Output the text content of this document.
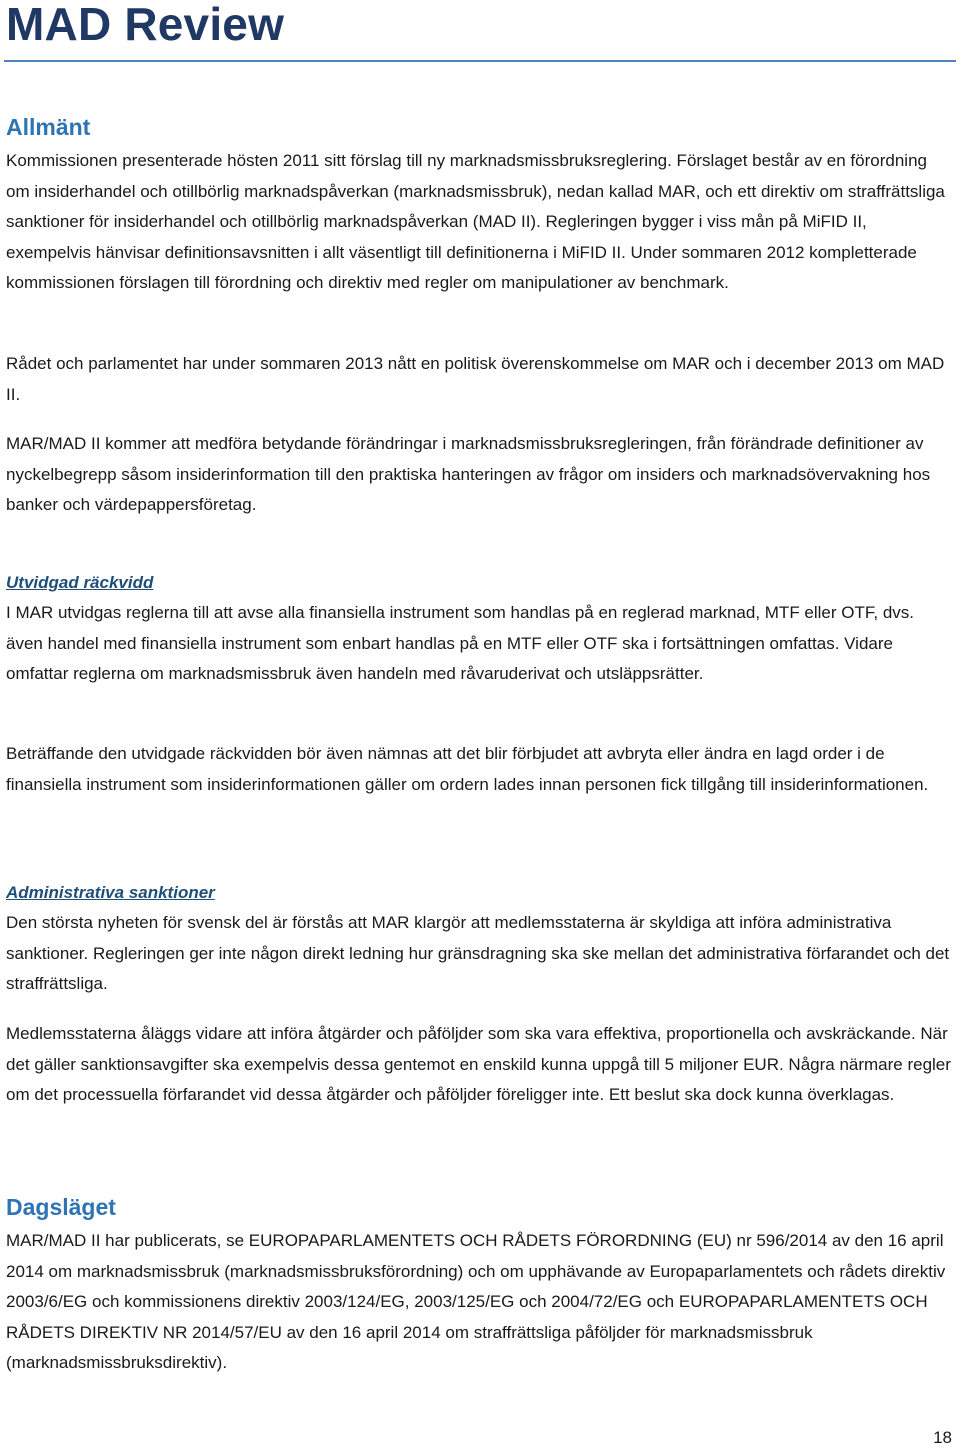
MAD Review
Allmänt

Kommissionen presenterade hösten 2011 sitt förslag till ny marknadsmissbruksreglering. Förslaget består av en förordning om insiderhandel och otillbörlig marknadspåverkan (marknadsmissbruk), nedan kallad MAR, och ett direktiv om straffrättsliga sanktioner för insiderhandel och otillbörlig marknadspåverkan (MAD II). Regleringen bygger i viss mån på MiFID II, exempelvis hänvisar definitionsavsnitten i allt väsentligt till definitionerna i MiFID II. Under sommaren 2012 kompletterade kommissionen förslagen till förordning och direktiv med regler om manipulationer av benchmark.

Rådet och parlamentet har under sommaren 2013 nått en politisk överenskommelse om MAR och i december 2013 om MAD II.

MAR/MAD II kommer att medföra betydande förändringar i marknadsmissbruksregleringen, från förändrade definitioner av nyckelbegrepp såsom insiderinformation till den praktiska hanteringen av frågor om insiders och marknadsövervakning hos banker och värdepappersföretag.

Utvidgad räckvidd

I MAR utvidgas reglerna till att avse alla finansiella instrument som handlas på en reglerad marknad, MTF eller OTF, dvs. även handel med finansiella instrument som enbart handlas på en MTF eller OTF ska i fortsättningen omfattas. Vidare omfattar reglerna om marknadsmissbruk även handeln med råvaruderivat och utsläppsrätter.

Beträffande den utvidgade räckvidden bör även nämnas att det blir förbjudet att avbryta eller ändra en lagd order i de finansiella instrument som insiderinformationen gäller om ordern lades innan personen fick tillgång till insiderinformationen.

Administrativa sanktioner

Den största nyheten för svensk del är förstås att MAR klargör att medlemsstaterna är skyldiga att införa administrativa sanktioner. Regleringen ger inte någon direkt ledning hur gränsdragning ska ske mellan det administrativa förfarandet och det straffrättsliga.

Medlemsstaterna åläggs vidare att införa åtgärder och påföljder som ska vara effektiva, proportionella och avskräckande. När det gäller sanktionsavgifter ska exempelvis dessa gentemot en enskild kunna uppgå till 5 miljoner EUR. Några närmare regler om det processuella förfarandet vid dessa åtgärder och påföljder föreligger inte. Ett beslut ska dock kunna överklagas.

Dagsläget

MAR/MAD II har publicerats, se EUROPAPARLAMENTETS OCH RÅDETS FÖRORDNING (EU) nr 596/2014 av den 16 april 2014 om marknadsmissbruk (marknadsmissbruksförordning) och om upphävande av Europaparlamentets och rådets direktiv 2003/6/EG och kommissionens direktiv 2003/124/EG, 2003/125/EG och 2004/72/EG och EUROPAPARLAMENTETS OCH RÅDETS DIREKTIV NR 2014/57/EU av den 16 april 2014 om straffrättsliga påföljder för marknadsmissbruk (marknadsmissbruksdirektiv).

18
